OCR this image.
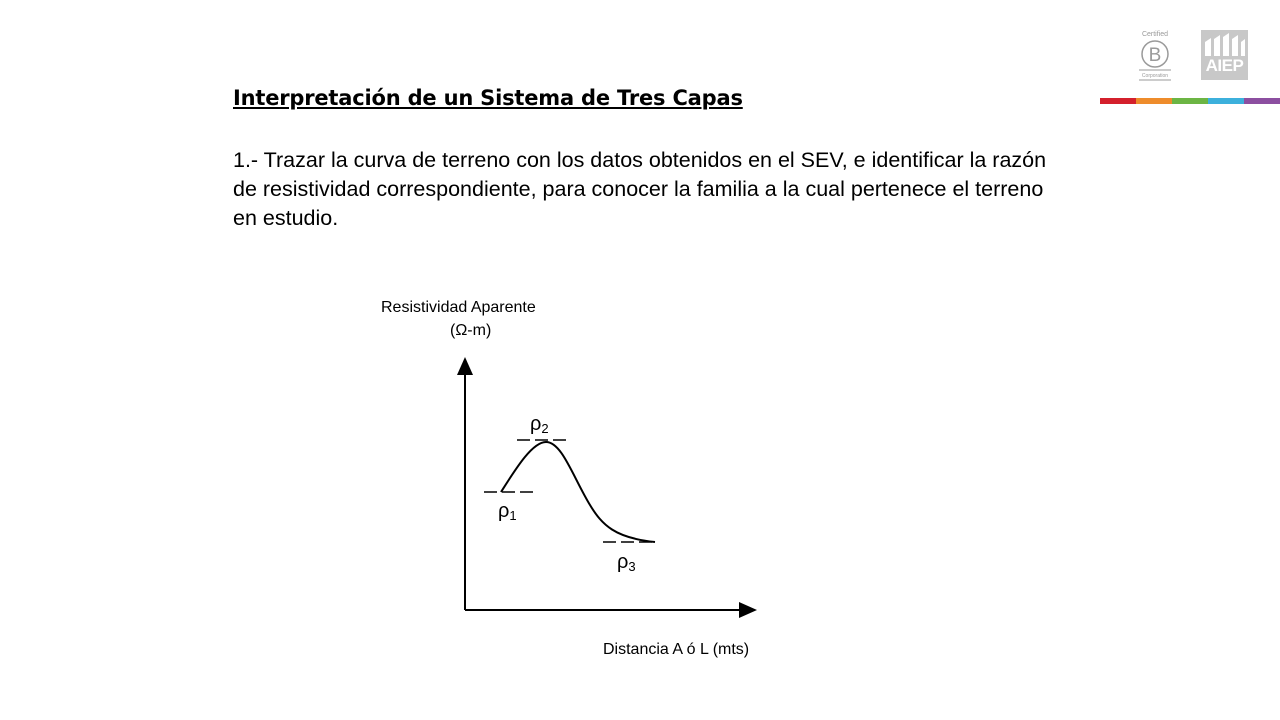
Interpretación de un Sistema de Tres Capas
1.- Trazar la curva de terreno con los datos obtenidos en el SEV, e identificar la razón de resistividad correspondiente, para conocer la familia a la cual pertenece el terreno en estudio.
Certified
B
Corporation
AIEP
Resistividad Aparente
(Ω-m)
Distancia A ó L (mts)
ρ1
ρ2
ρ3
